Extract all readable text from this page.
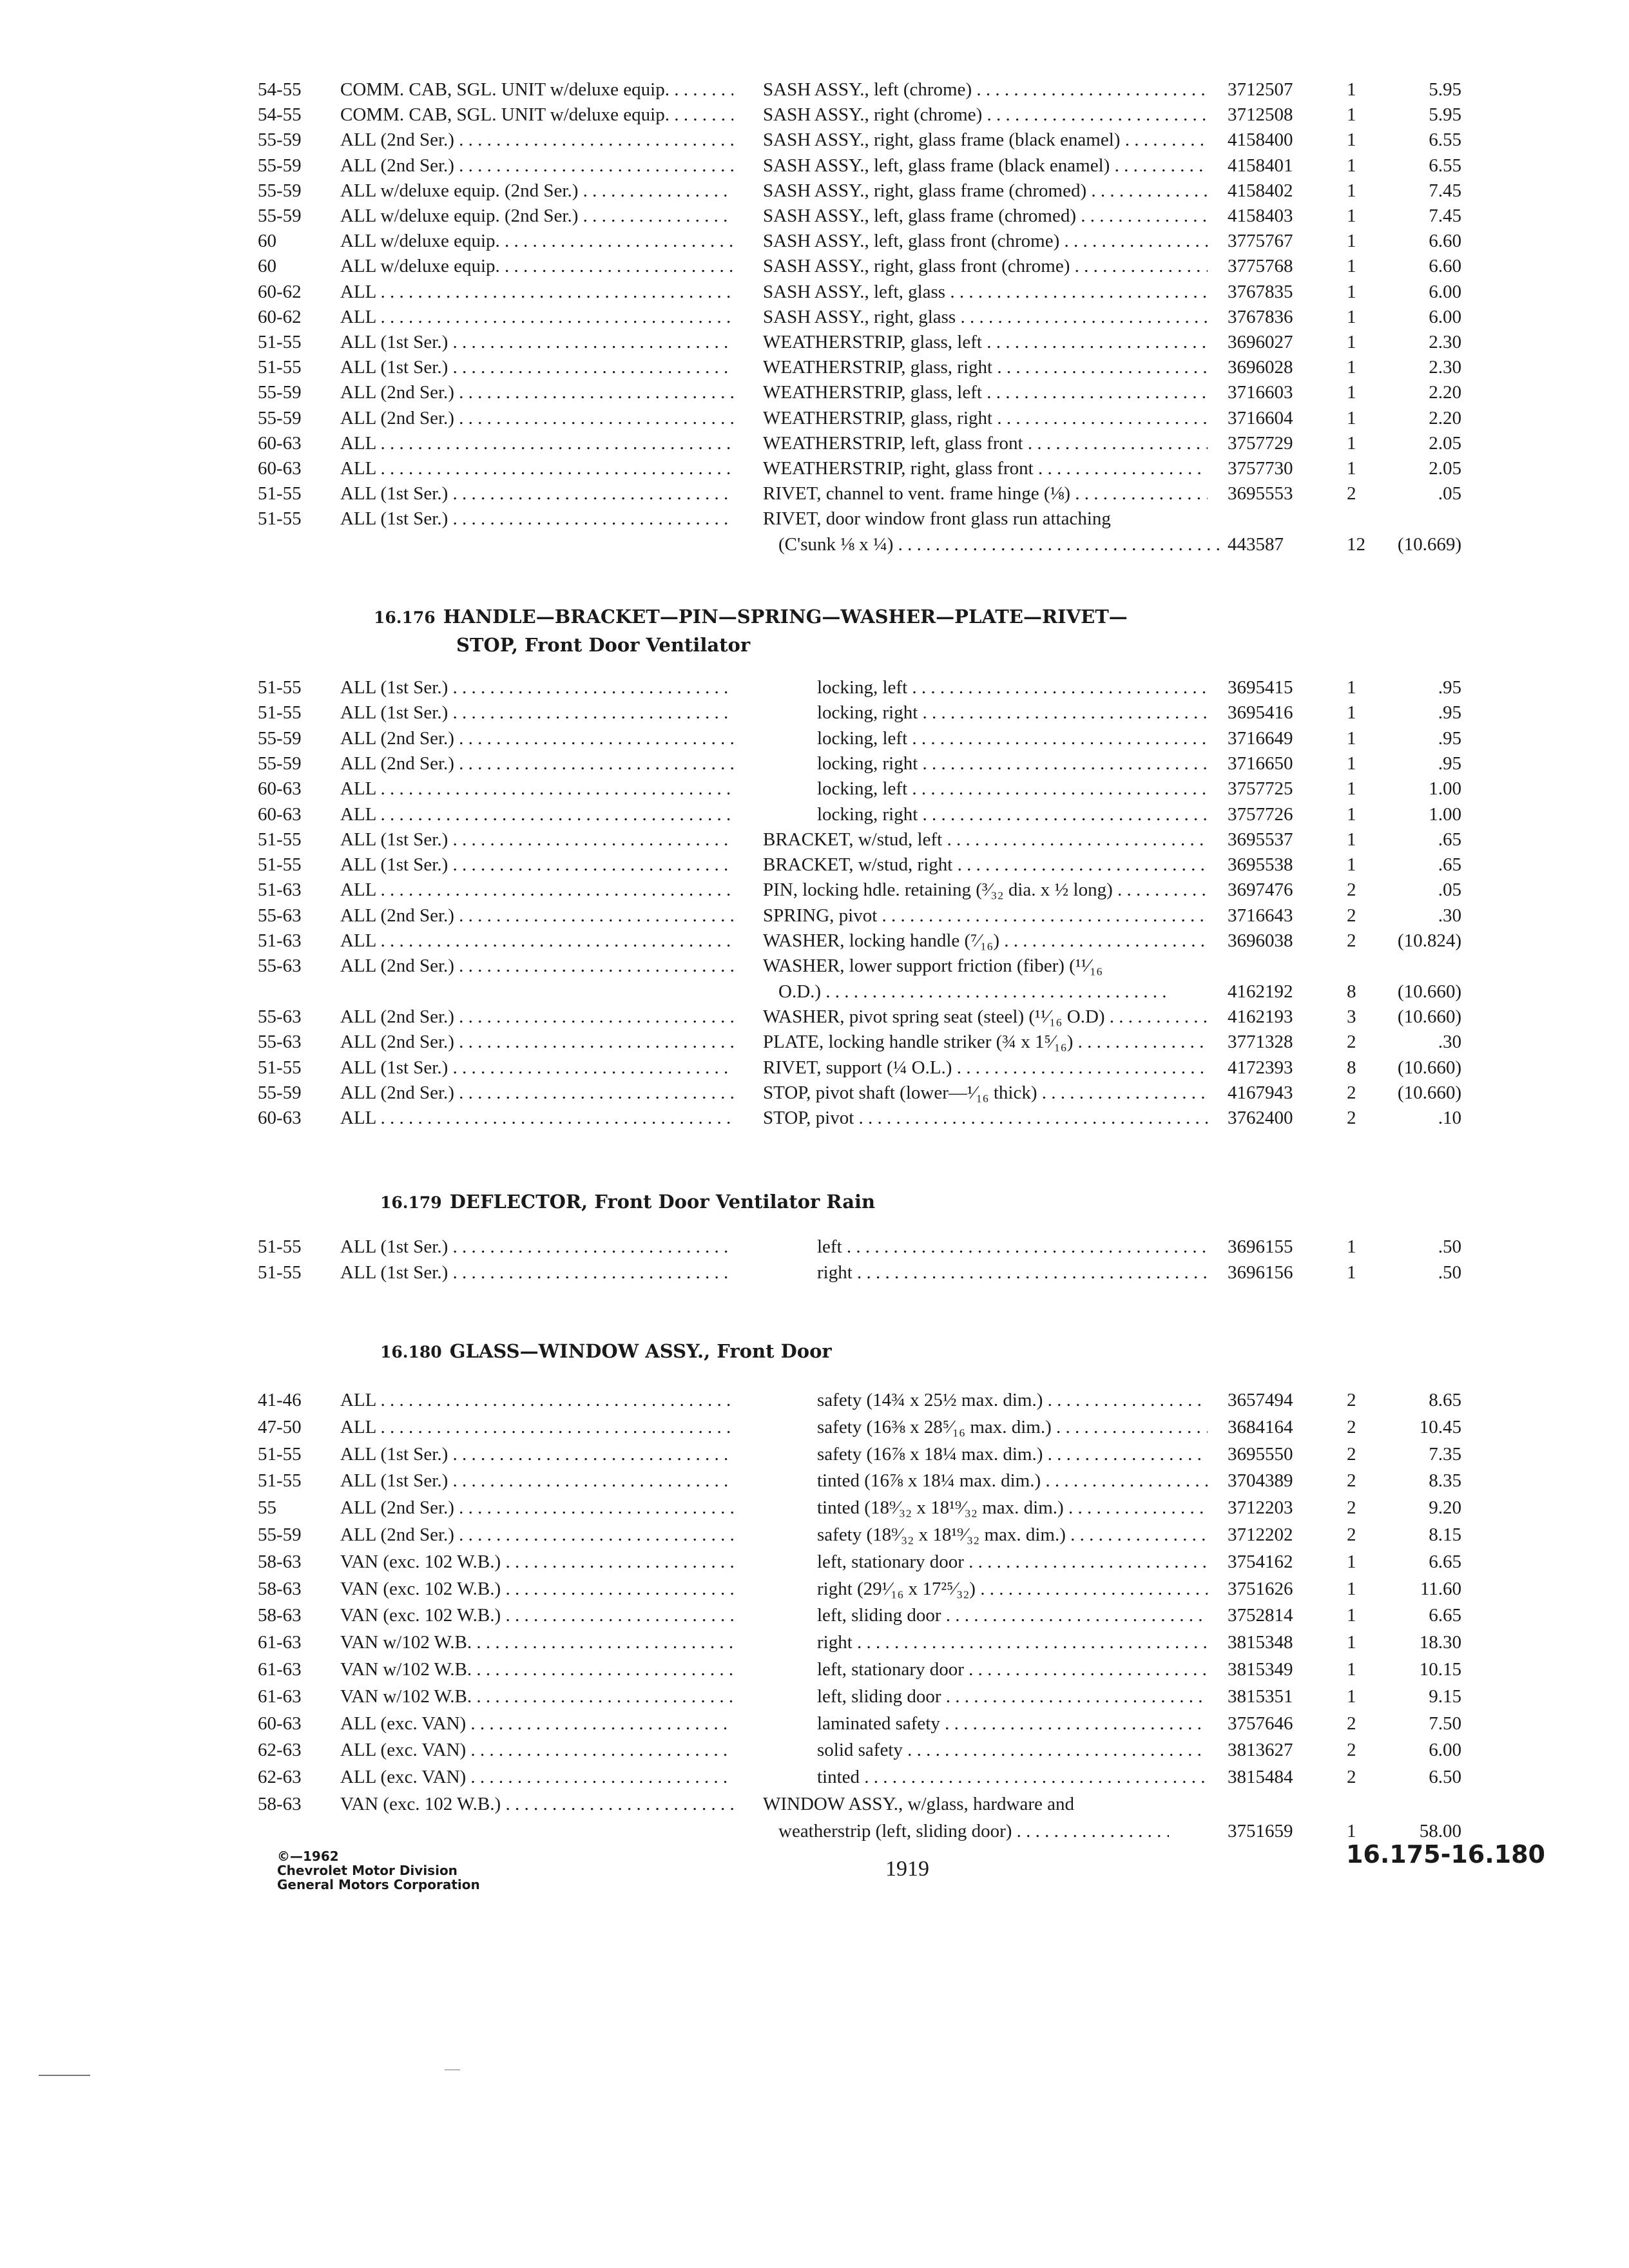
54-55 COMM. CAB, SGL. UNIT w/deluxe equip. . . .	SASH ASSY., left (chrome) . . .	3712507	1	5.95
54-55 COMM. CAB, SGL. UNIT w/deluxe equip. . . .	SASH ASSY., right (chrome) . . .	3712508	1	5.95
55-59 ALL (2nd Ser.) . . .	SASH ASSY., right, glass frame (black enamel) . . .	4158400	1	6.55
55-59 ALL (2nd Ser.) . . .	SASH ASSY., left, glass frame (black enamel) . . .	4158401	1	6.55
55-59 ALL w/deluxe equip. (2nd Ser.) . . .	SASH ASSY., right, glass frame (chromed) . . .	4158402	1	7.45
55-59 ALL w/deluxe equip. (2nd Ser.) . . .	SASH ASSY., left, glass frame (chromed) . . .	4158403	1	7.45
60	ALL w/deluxe equip. . . .	SASH ASSY., left, glass front (chrome) . . .	3775767	1	6.60
60	ALL w/deluxe equip. . . .	SASH ASSY., right, glass front (chrome) . . .	3775768	1	6.60
60-62 ALL . . .	SASH ASSY., left, glass . . .	3767835	1	6.00
60-62 ALL . . .	SASH ASSY., right, glass . . .	3767836	1	6.00
51-55 ALL (1st Ser.) . . .	WEATHERSTRIP, glass, left . . .	3696027	1	2.30
51-55 ALL (1st Ser.) . . .	WEATHERSTRIP, glass, right . . .	3696028	1	2.30
55-59 ALL (2nd Ser.) . . .	WEATHERSTRIP, glass, left . . .	3716603	1	2.20
55-59 ALL (2nd Ser.) . . .	WEATHERSTRIP, glass, right . . .	3716604	1	2.20
60-63 ALL . . .	WEATHERSTRIP, left, glass front . . .	3757729	1	2.05
60-63 ALL . . .	WEATHERSTRIP, right, glass front . . .	3757730	1	2.05
51-55 ALL (1st Ser.) . . .	RIVET, channel to vent. frame hinge (⅛) . . .	3695553	2	.05
51-55 ALL (1st Ser.) . . .	RIVET, door window front glass run attaching
(C'sunk ⅛ x ¼) . . .	443587	12 (10.669)
16.176 HANDLE—BRACKET—PIN—SPRING—WASHER—PLATE—RIVET—
STOP, Front Door Ventilator
51-55 ALL (1st Ser.) . . .	locking, left . . .	3695415	1	.95
51-55 ALL (1st Ser.) . . .	locking, right . . .	3695416	1	.95
55-59 ALL (2nd Ser.) . . .	locking, left . . .	3716649	1	.95
55-59 ALL (2nd Ser.) . . .	locking, right . . .	3716650	1	.95
60-63 ALL . . .	locking, left . . .	3757725	1	1.00
60-63 ALL . . .	locking, right . . .	3757726	1	1.00
51-55 ALL (1st Ser.) . . .	BRACKET, w/stud, left . . .	3695537	1	.65
51-55 ALL (1st Ser.) . . .	BRACKET, w/stud, right . . .	3695538	1	.65
51-63 ALL . . .	PIN, locking hdle. retaining (³⁄₃₂ dia. x ½ long) . . .	3697476	2	.05
55-63 ALL (2nd Ser.) . . .	SPRING, pivot . . .	3716643	2	.30
51-63 ALL . . .	WASHER, locking handle (⁷⁄₁₆) . . .	3696038	2 (10.824)
55-63 ALL (2nd Ser.) . . .	WASHER, lower support friction (fiber) (¹¹⁄₁₆
O.D.) . . .	4162192	8 (10.660)
55-63 ALL (2nd Ser.) . . .	WASHER, pivot spring seat (steel) (¹¹⁄₁₆ O.D) . . .	4162193	3 (10.660)
55-63 ALL (2nd Ser.) . . .	PLATE, locking handle striker (¾ x 1⁵⁄₁₆) . . .	3771328	2	.30
51-55 ALL (1st Ser.) . . .	RIVET, support (¼ O.L.) . . .	4172393	8 (10.660)
55-59 ALL (2nd Ser.) . . .	STOP, pivot shaft (lower—¹⁄₁₆ thick) . . .	4167943	2 (10.660)
60-63 ALL . . .	STOP, pivot . . .	3762400	2	.10
16.179 DEFLECTOR, Front Door Ventilator Rain
51-55 ALL (1st Ser.) . . .	left . . .	3696155	1	.50
51-55 ALL (1st Ser.) . . .	right . . .	3696156	1	.50
16.180 GLASS—WINDOW ASSY., Front Door
41-46 ALL . . .	safety (14¾ x 25½ max. dim.) . . .	3657494	2	8.65
47-50 ALL . . .	safety (16⅜ x 28⁵⁄₁₆ max. dim.) . . .	3684164	2	10.45
51-55 ALL (1st Ser.) . . .	safety (16⅞ x 18¼ max. dim.) . . .	3695550	2	7.35
51-55 ALL (1st Ser.) . . .	tinted (16⅞ x 18¼ max. dim.) . . .	3704389	2	8.35
55	ALL (2nd Ser.) . . .	tinted (18⁹⁄₃₂ x 18¹⁹⁄₃₂ max. dim.) . . .	3712203	2	9.20
55-59 ALL (2nd Ser.) . . .	safety (18⁹⁄₃₂ x 18¹⁹⁄₃₂ max. dim.) . . .	3712202	2	8.15
58-63 VAN (exc. 102 W.B.) . . .	left, stationary door . . .	3754162	1	6.65
58-63 VAN (exc. 102 W.B.) . . .	right (29¹⁄₁₆ x 17²⁵⁄₃₂) . . .	3751626	1	11.60
58-63 VAN (exc. 102 W.B.) . . .	left, sliding door . . .	3752814	1	6.65
61-63 VAN w/102 W.B. . . .	right . . .	3815348	1	18.30
61-63 VAN w/102 W.B. . . .	left, stationary door . . .	3815349	1	10.15
61-63 VAN w/102 W.B. . . .	left, sliding door . . .	3815351	1	9.15
60-63 ALL (exc. VAN) . . .	laminated safety . . .	3757646	2	7.50
62-63 ALL (exc. VAN) . . .	solid safety . . .	3813627	2	6.00
62-63 ALL (exc. VAN) . . .	tinted . . .	3815484	2	6.50
58-63 VAN (exc. 102 W.B.) . . .	WINDOW ASSY., w/glass, hardware and
weatherstrip (left, sliding door) . . .	3751659	1	58.00
©—1962
Chevrolet Motor Division
General Motors Corporation
1919
16.175-16.180
